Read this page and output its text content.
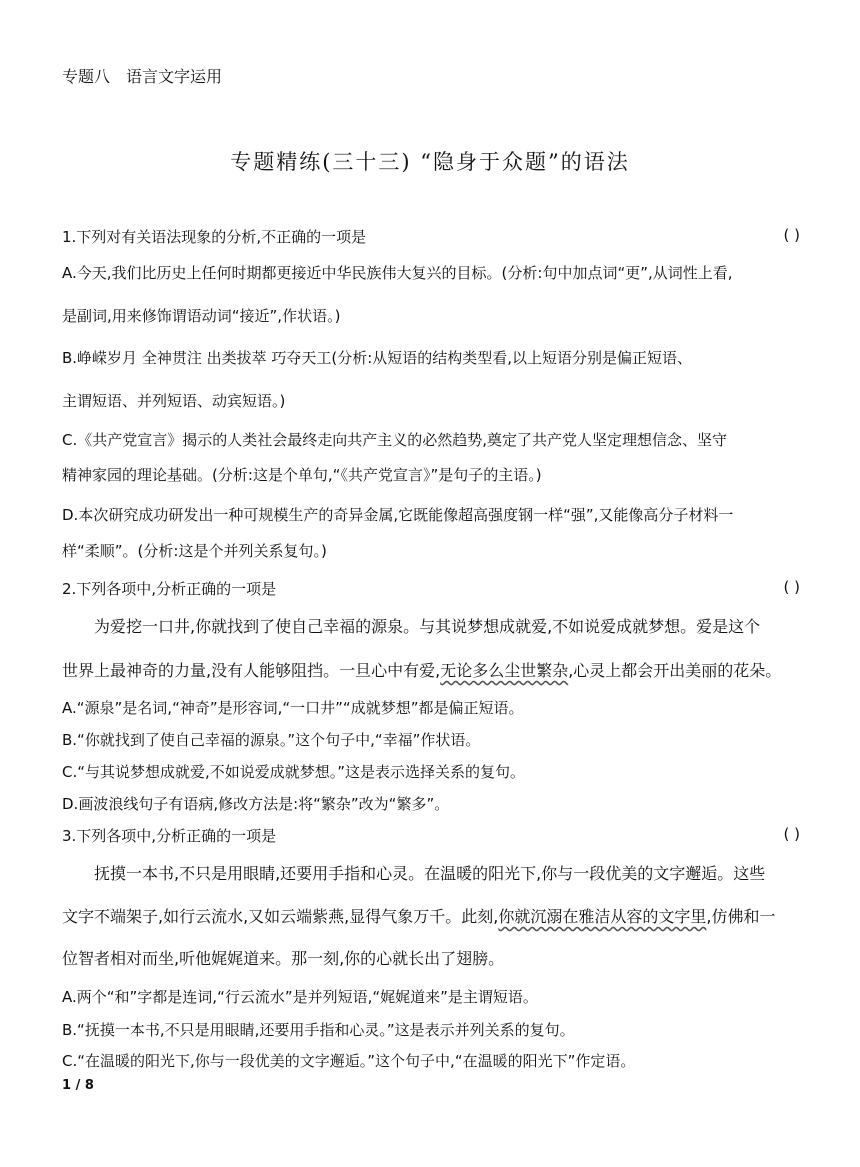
专题八 语言文字运用
专题精练(三十三) “隐身于众题”的语法
1.下列对有关语法现象的分析,不正确的一项是	( )
A.今天,我们比历史上任何时期都更接近中华民族伟大复兴的目标。(分析:句中加点词“更”,从词性上看,
是副词,用来修饰谓语动词“接近”,作状语。)
B.峥嵘岁月 全神贯注 出类拔萃 巧夺天工(分析:从短语的结构类型看,以上短语分别是偏正短语、
主谓短语、并列短语、动宾短语。)
C.《共产党宣言》揭示的人类社会最终走向共产主义的必然趋势,奠定了共产党人坚定理想信念、坚守
精神家园的理论基础。(分析:这是个单句,“《共产党宣言》”是句子的主语。)
D.本次研究成功研发出一种可规模生产的奇异金属,它既能像超高强度钢一样“强”,又能像高分子材料一
样“柔顺”。(分析:这是个并列关系复句。)
2.下列各项中,分析正确的一项是	( )
为爱挖一口井,你就找到了使自己幸福的源泉。与其说梦想成就爱,不如说爱成就梦想。爱是这个
世界上最神奇的力量,没有人能够阻挡。一旦心中有爱,无论多么尘世繁杂,心灵上都会开出美丽的花朵。
A.“源泉”是名词,“神奇”是形容词,“一口井”“成就梦想”都是偏正短语。
B.“你就找到了使自己幸福的源泉。”这个句子中,“幸福”作状语。
C.“与其说梦想成就爱,不如说爱成就梦想。”这是表示选择关系的复句。
D.画波浪线句子有语病,修改方法是:将“繁杂”改为“繁多”。
3.下列各项中,分析正确的一项是	( )
抚摸一本书,不只是用眼睛,还要用手指和心灵。在温暖的阳光下,你与一段优美的文字邂逅。这些
文字不端架子,如行云流水,又如云端紫燕,显得气象万千。此刻,你就沉溺在雅洁从容的文字里,仿佛和一
位智者相对而坐,听他娓娓道来。那一刻,你的心就长出了翅膀。
A.两个“和”字都是连词,“行云流水”是并列短语,“娓娓道来”是主谓短语。
B.“抚摸一本书,不只是用眼睛,还要用手指和心灵。”这是表示并列关系的复句。
C.“在温暖的阳光下,你与一段优美的文字邂逅。”这个句子中,“在温暖的阳光下”作定语。
1 / 8
